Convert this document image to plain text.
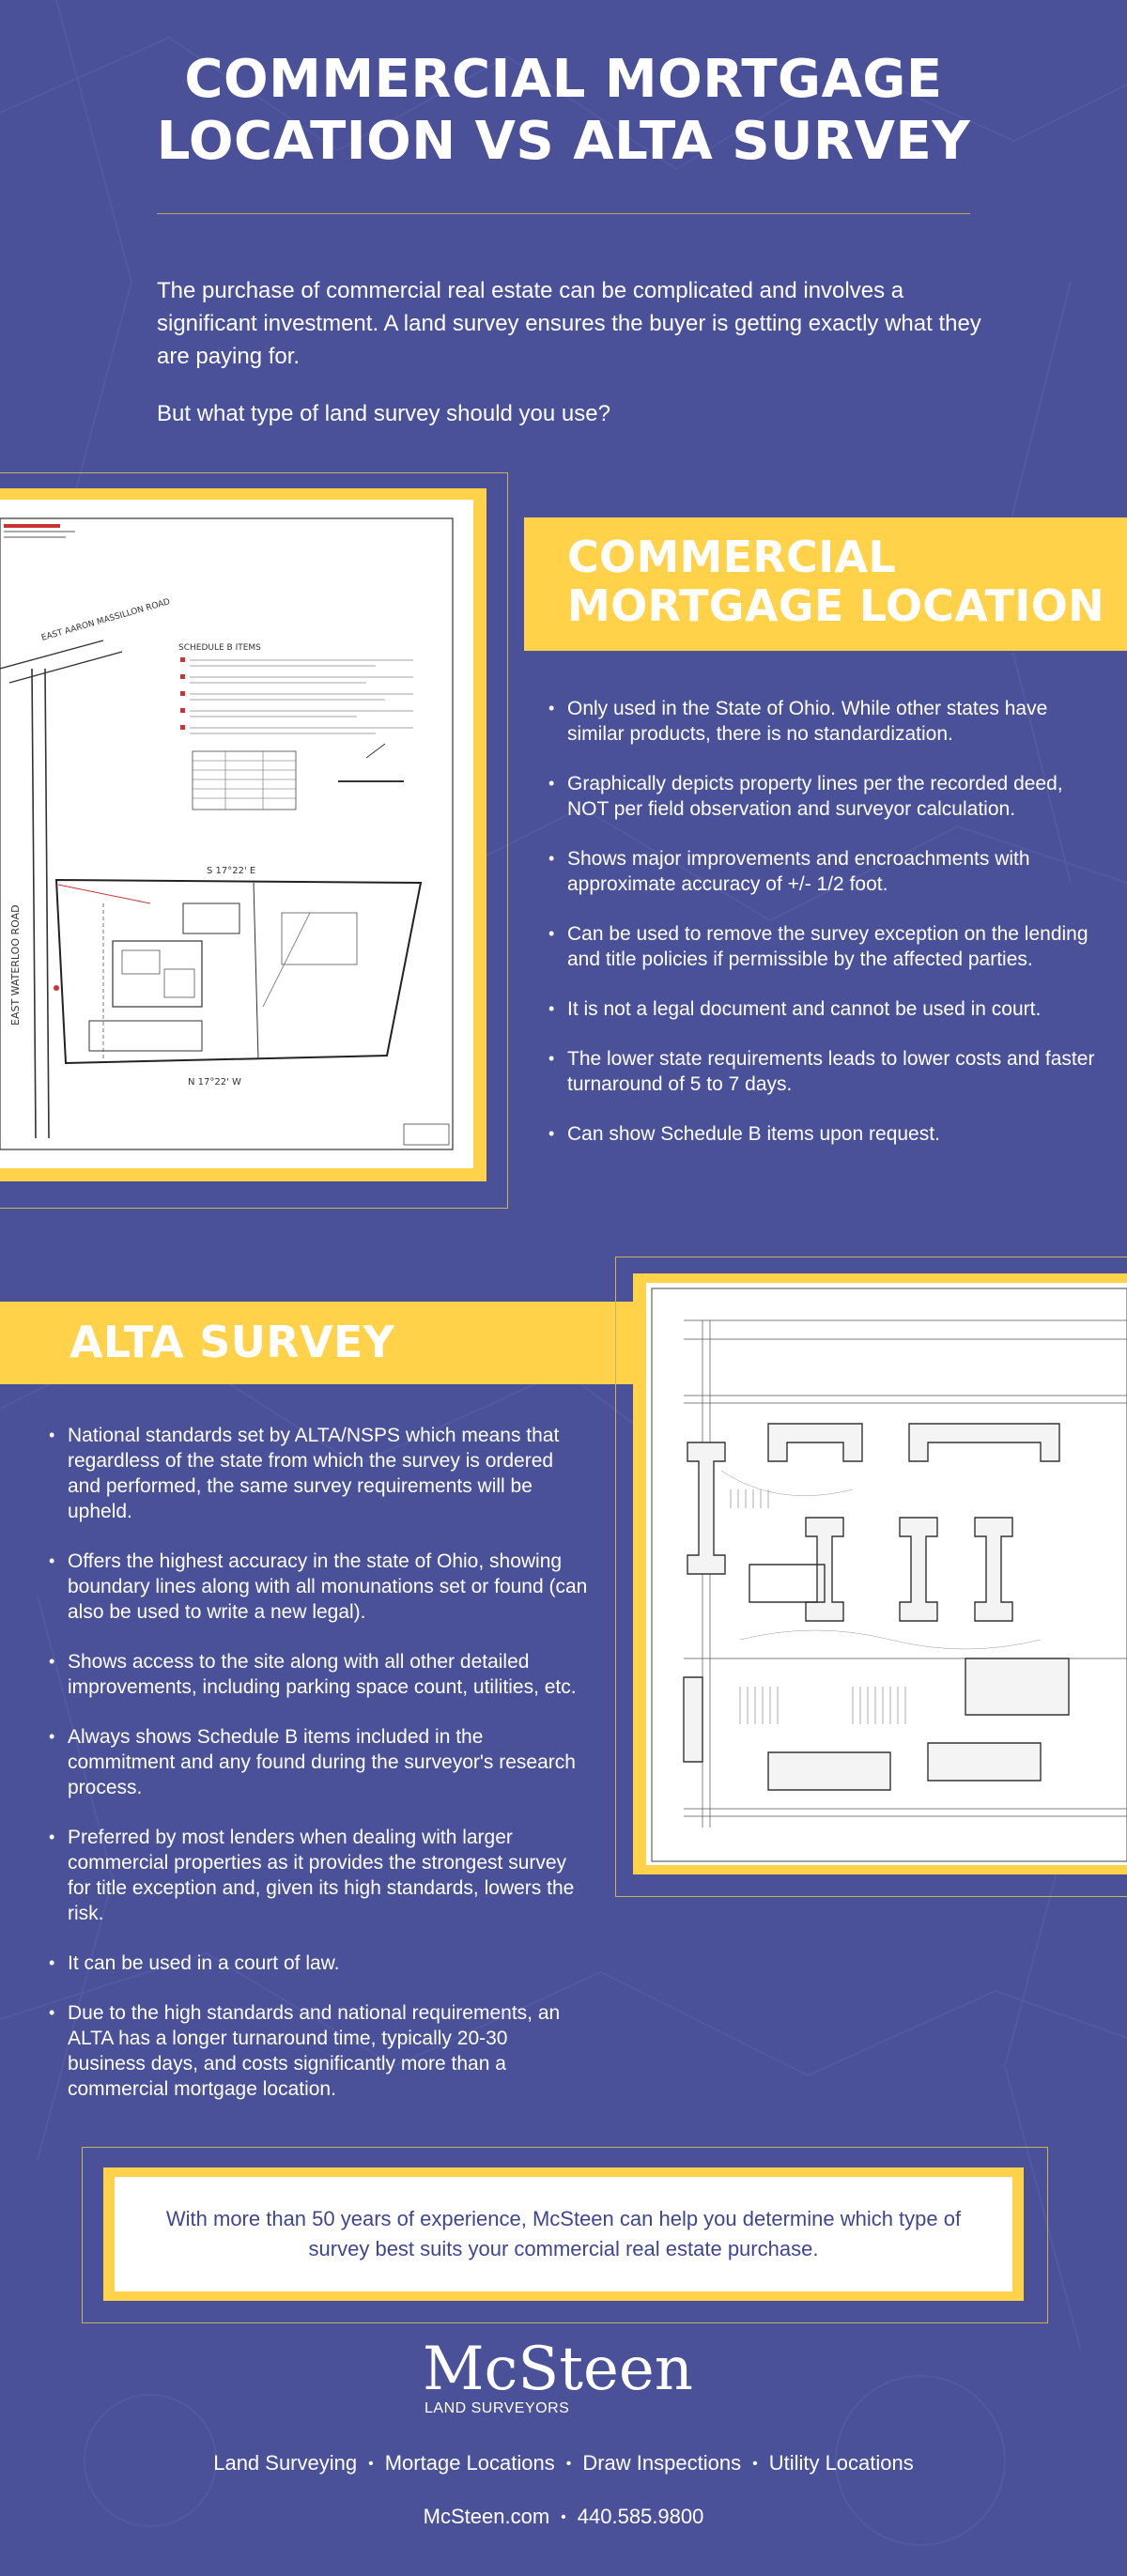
COMMERCIAL MORTGAGE
LOCATION VS ALTA SURVEY

The purchase of commercial real estate can be complicated and involves a significant investment. A land survey ensures the buyer is getting exactly what they are paying for.

But what type of land survey should you use?

EAST AARON MASSILLON ROAD
EAST WATERLOO ROAD
SCHEDULE B ITEMS
S 17°22' E
N 17°22' W
COMMERCIAL
MORTGAGE LOCATION
• Only used in the State of Ohio. While other states have similar products, there is no standardization.
• Graphically depicts property lines per the recorded deed, NOT per field observation and surveyor calculation.
• Shows major improvements and encroachments with approximate accuracy of +/- 1/2 foot.
• Can be used to remove the survey exception on the lending and title policies if permissible by the affected parties.
• It is not a legal document and cannot be used in court.
• The lower state requirements leads to lower costs and faster turnaround of 5 to 7 days.
• Can show Schedule B items upon request.
ALTA SURVEY
• National standards set by ALTA/NSPS which means that regardless of the state from which the survey is ordered and performed, the same survey requirements will be upheld.
• Offers the highest accuracy in the state of Ohio, showing boundary lines along with all monunations set or found (can also be used to write a new legal).
• Shows access to the site along with all other detailed improvements, including parking space count, utilities, etc.
• Always shows Schedule B items included in the commitment and any found during the surveyor's research process.
• Preferred by most lenders when dealing with larger commercial properties as it provides the strongest survey for title exception and, given its high standards, lowers the risk.
• It can be used in a court of law.
• Due to the high standards and national requirements, an ALTA has a longer turnaround time, typically 20-30 business days, and costs significantly more than a commercial mortgage location.

With more than 50 years of experience, McSteen can help you determine which type of survey best suits your commercial real estate purchase.

McSteen
LAND SURVEYORS
Land Surveying • Mortage Locations • Draw Inspections • Utility Locations
McSteen.com • 440.585.9800
